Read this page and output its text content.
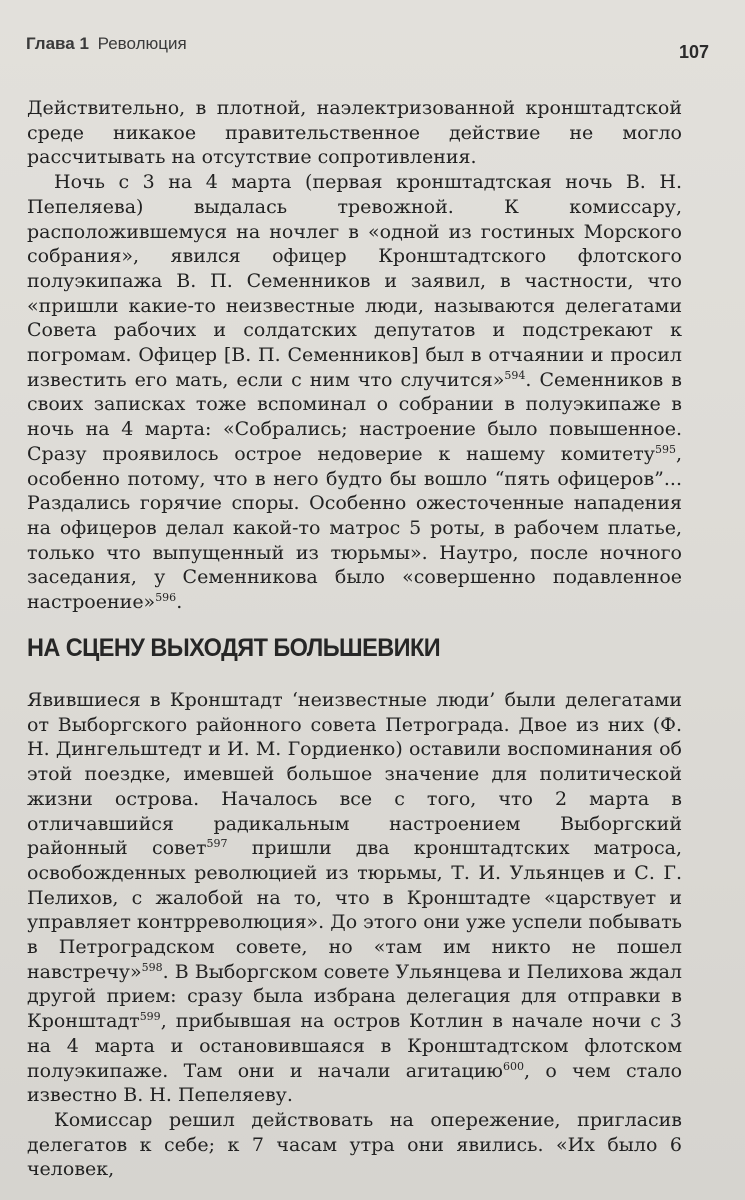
Глава 1 Революция	107

Действительно, в плотной, наэлектризованной кронштадтской среде никакое правительственное действие не могло рассчитывать на отсутствие сопротивления.

Ночь с 3 на 4 марта (первая кронштадтская ночь В. Н. Пепеляева) выдалась тревожной. К комиссару, расположившемуся на ночлег в «одной из гостиных Морского собрания», явился офицер Кронштадтского флотского полуэкипажа В. П. Семенников и заявил, в частности, что «пришли какие-то неизвестные люди, называются делегатами Совета рабочих и солдатских депутатов и подстрекают к погромам. Офицер [В. П. Семенников] был в отчаянии и просил известить его мать, если с ним что случится»$^{594}$. Семенников в своих записках тоже вспоминал о собрании в полуэкипаже в ночь на 4 марта: «Собрались; настроение было повышенное. Сразу проявилось острое недоверие к нашему комитету$^{595}$, особенно потому, что в него будто бы вошло “пять офицеров”... Раздались горячие споры. Особенно ожесточенные нападения на офицеров делал какой-то матрос 5 роты, в рабочем платье, только что выпущенный из тюрьмы». Наутро, после ночного заседания, у Семенникова было «совершенно подавленное настроение»$^{596}$.

НА СЦЕНУ ВЫХОДЯТ БОЛЬШЕВИКИ

Явившиеся в Кронштадт ‘неизвестные люди’ были делегатами от Выборгского районного совета Петрограда. Двое из них (Ф. Н. Дингельштедт и И. М. Гордиенко) оставили воспоминания об этой поездке, имевшей большое значение для политической жизни острова. Началось все с того, что 2 марта в отличавшийся радикальным настроением Выборгский районный совет$^{597}$ пришли два кронштадтских матроса, освобожденных революцией из тюрьмы, Т. И. Ульянцев и С. Г. Пелихов, с жалобой на то, что в Кронштадте «царствует и управляет контрреволюция». До этого они уже успели побывать в Петроградском совете, но «там им никто не пошел навстречу»$^{598}$. В Выборгском совете Ульянцева и Пелихова ждал другой прием: сразу была избрана делегация для отправки в Кронштадт$^{599}$, прибывшая на остров Котлин в начале ночи с 3 на 4 марта и остановившаяся в Кронштадтском флотском полуэкипаже. Там они и начали агитацию$^{600}$, о чем стало известно В. Н. Пепеляеву.

Комиссар решил действовать на опережение, пригласив делегатов к себе; к 7 часам утра они явились. «Их было 6 человек,
